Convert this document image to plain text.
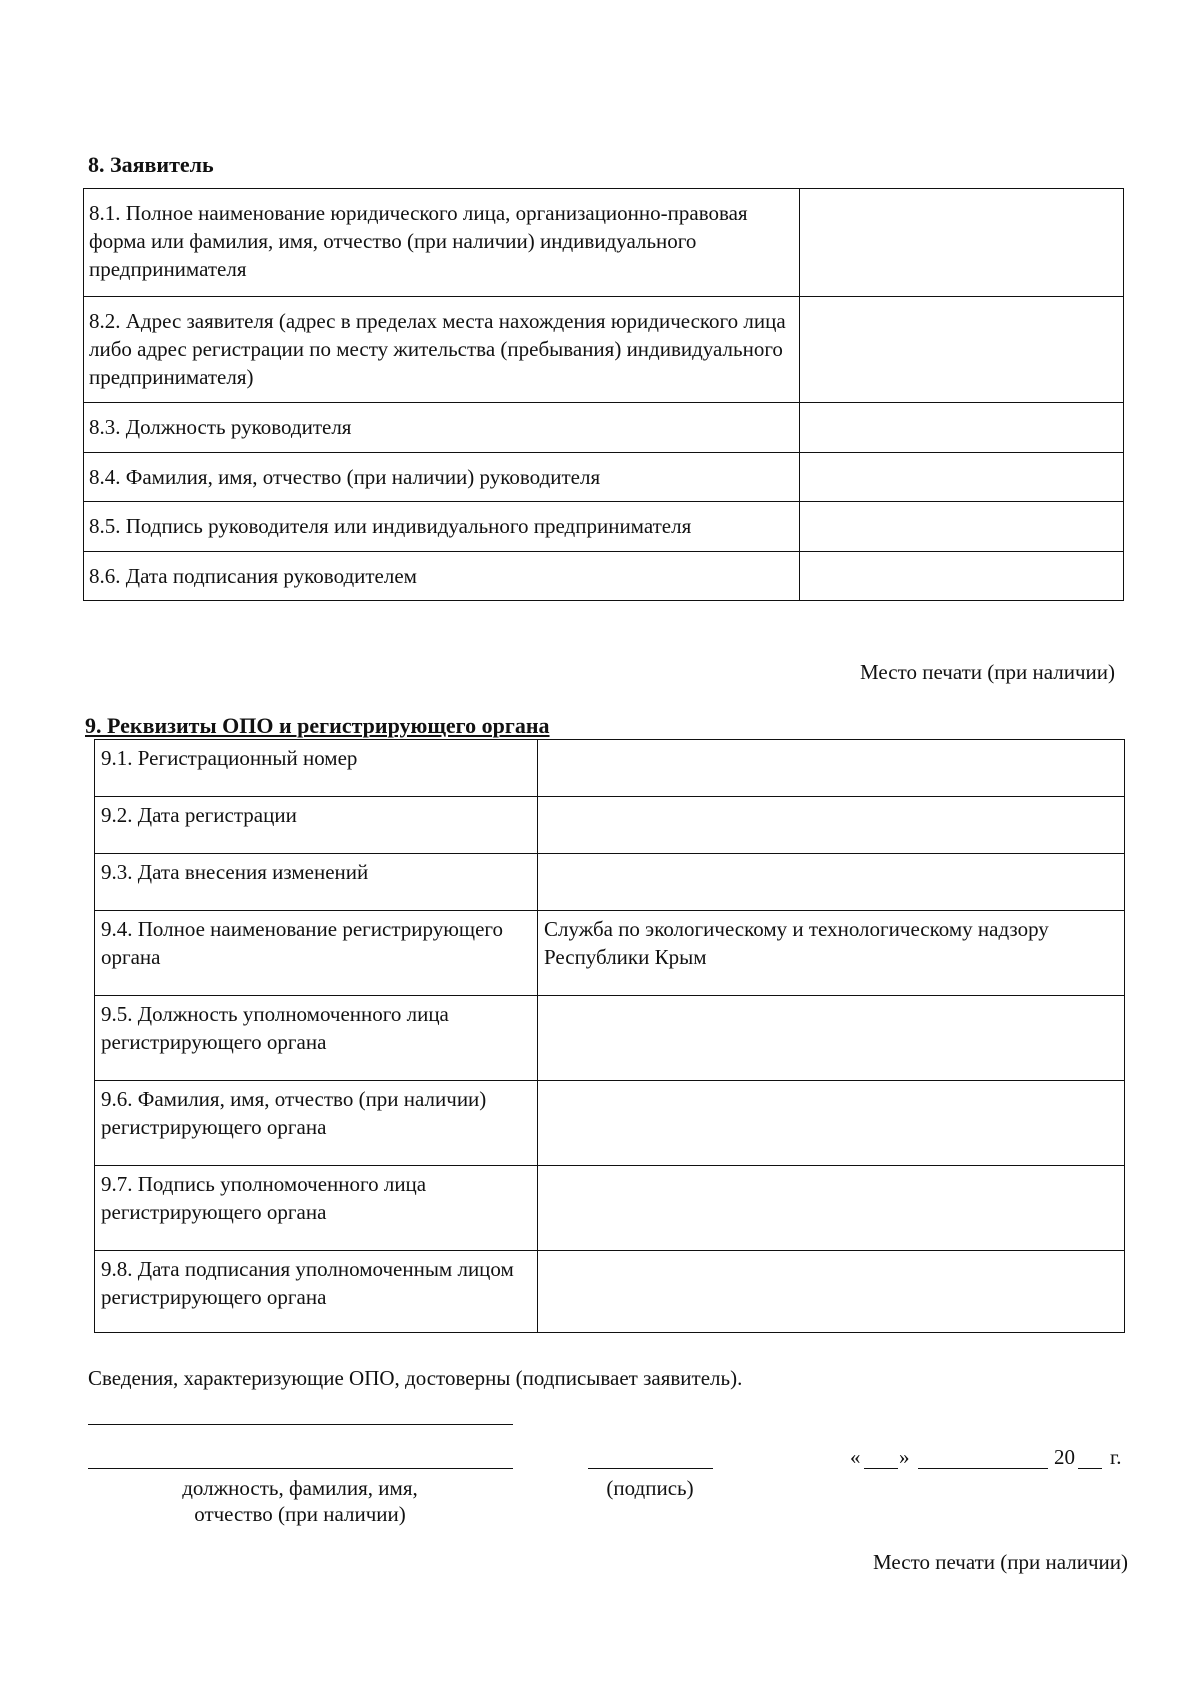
8. Заявитель
8.1. Полное наименование юридического лица, организационно-правовая форма или фамилия, имя, отчество (при наличии) индивидуального предпринимателя	
8.2. Адрес заявителя (адрес в пределах места нахождения юридического лица либо адрес регистрации по месту жительства (пребывания) индивидуального предпринимателя)	
8.3. Должность руководителя	
8.4. Фамилия, имя, отчество (при наличии) руководителя	
8.5. Подпись руководителя или индивидуального предпринимателя	
8.6. Дата подписания руководителем	
Место печати (при наличии)
9. Реквизиты ОПО и регистрирующего органа
9.1. Регистрационный номер	
9.2. Дата регистрации	
9.3. Дата внесения изменений	
9.4. Полное наименование регистрирующего органа	Служба по экологическому и технологическому надзору Республики Крым
9.5. Должность уполномоченного лица регистрирующего органа	
9.6. Фамилия, имя, отчество (при наличии) регистрирующего органа	
9.7. Подпись уполномоченного лица регистрирующего органа	
9.8. Дата подписания уполномоченным лицом регистрирующего органа	
Сведения, характеризующие ОПО, достоверны (подписывает заявитель).
должность, фамилия, имя,
отчество (при наличии)
(подпись)
« »	20 г.
Место печати (при наличии)
